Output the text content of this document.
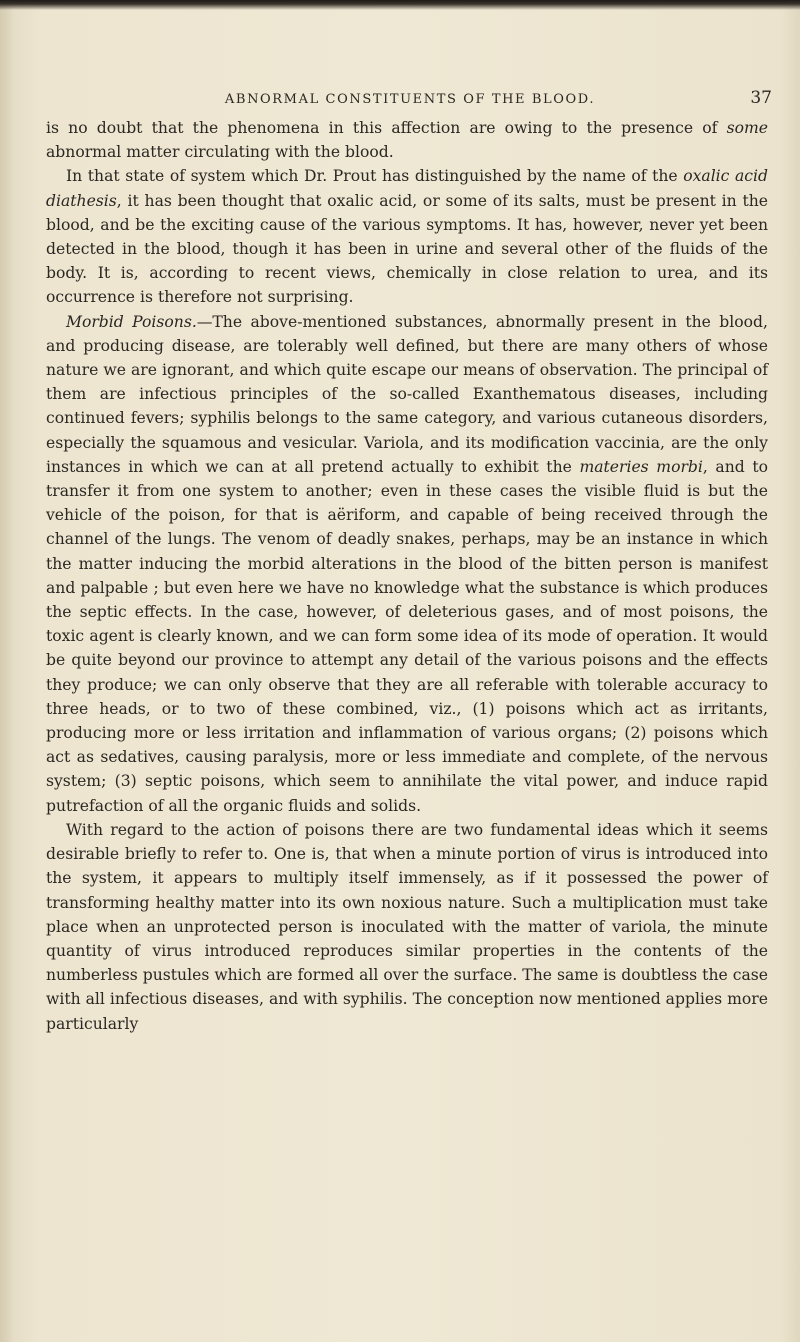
ABNORMAL CONSTITUENTS OF THE BLOOD.	37

is no doubt that the phenomena in this affection are owing to the presence of some abnormal matter circulating with the blood.

In that state of system which Dr. Prout has distinguished by the name of the oxalic acid diathesis, it has been thought that oxalic acid, or some of its salts, must be present in the blood, and be the exciting cause of the various symptoms. It has, however, never yet been detected in the blood, though it has been in urine and several other of the fluids of the body. It is, according to recent views, chemically in close relation to urea, and its occurrence is therefore not surprising.

Morbid Poisons.—The above-mentioned substances, abnormally present in the blood, and producing disease, are tolerably well defined, but there are many others of whose nature we are ignorant, and which quite escape our means of observation. The principal of them are infectious principles of the so-called Exanthematous diseases, including continued fevers; syphilis belongs to the same category, and various cutaneous disorders, especially the squamous and vesicular. Variola, and its modification vaccinia, are the only instances in which we can at all pretend actually to exhibit the materies morbi, and to transfer it from one system to another; even in these cases the visible fluid is but the vehicle of the poison, for that is aëriform, and capable of being received through the channel of the lungs. The venom of deadly snakes, perhaps, may be an instance in which the matter inducing the morbid alterations in the blood of the bitten person is manifest and palpable ; but even here we have no knowledge what the substance is which produces the septic effects. In the case, however, of deleterious gases, and of most poisons, the toxic agent is clearly known, and we can form some idea of its mode of operation. It would be quite beyond our province to attempt any detail of the various poisons and the effects they produce; we can only observe that they are all referable with tolerable accuracy to three heads, or to two of these combined, viz., (1) poisons which act as irritants, producing more or less irritation and inflammation of various organs; (2) poisons which act as sedatives, causing paralysis, more or less immediate and complete, of the nervous system; (3) septic poisons, which seem to annihilate the vital power, and induce rapid putrefaction of all the organic fluids and solids.

With regard to the action of poisons there are two fundamental ideas which it seems desirable briefly to refer to. One is, that when a minute portion of virus is introduced into the system, it appears to multiply itself immensely, as if it possessed the power of transforming healthy matter into its own noxious nature. Such a multiplication must take place when an unprotected person is inoculated with the matter of variola, the minute quantity of virus introduced reproduces similar properties in the contents of the numberless pustules which are formed all over the surface. The same is doubtless the case with all infectious diseases, and with syphilis. The conception now mentioned applies more particularly
